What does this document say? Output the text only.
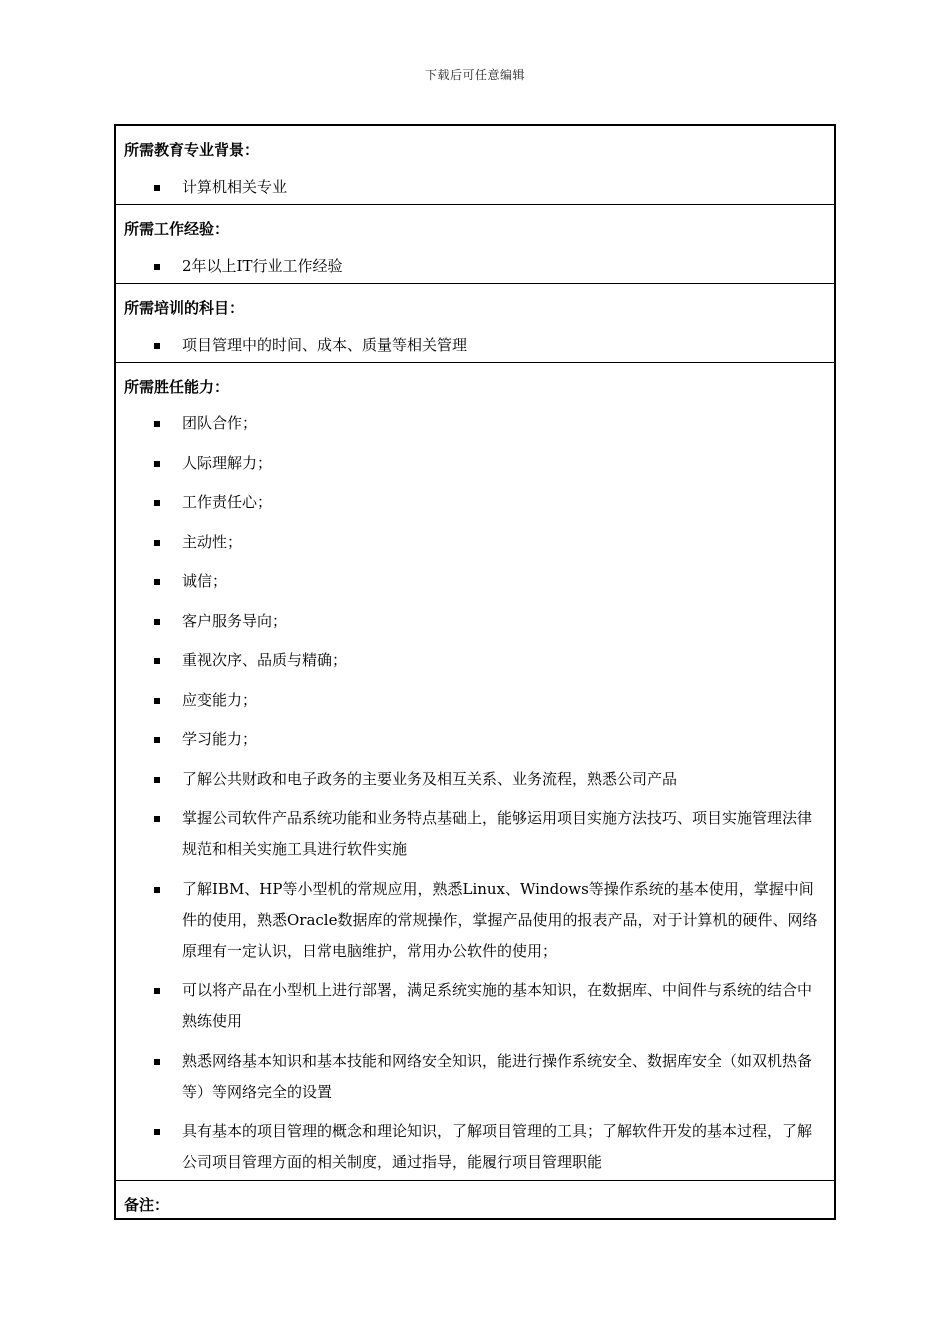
下载后可任意编辑
所需教育专业背景：
计算机相关专业
所需工作经验：
2年以上IT行业工作经验
所需培训的科目：
项目管理中的时间、成本、质量等相关管理
所需胜任能力：
团队合作；
人际理解力；
工作责任心；
主动性；
诚信；
客户服务导向；
重视次序、品质与精确；
应变能力；
学习能力；
了解公共财政和电子政务的主要业务及相互关系、业务流程，熟悉公司产品
掌握公司软件产品系统功能和业务特点基础上，能够运用项目实施方法技巧、项目实施管理法律规范和相关实施工具进行软件实施
了解IBM、HP等小型机的常规应用，熟悉Linux、Windows等操作系统的基本使用，掌握中间件的使用，熟悉Oracle数据库的常规操作，掌握产品使用的报表产品，对于计算机的硬件、网络原理有一定认识，日常电脑维护，常用办公软件的使用；
可以将产品在小型机上进行部署，满足系统实施的基本知识，在数据库、中间件与系统的结合中熟练使用
熟悉网络基本知识和基本技能和网络安全知识，能进行操作系统安全、数据库安全（如双机热备等）等网络完全的设置
具有基本的项目管理的概念和理论知识，了解项目管理的工具；了解软件开发的基本过程，了解公司项目管理方面的相关制度，通过指导，能履行项目管理职能
备注：
